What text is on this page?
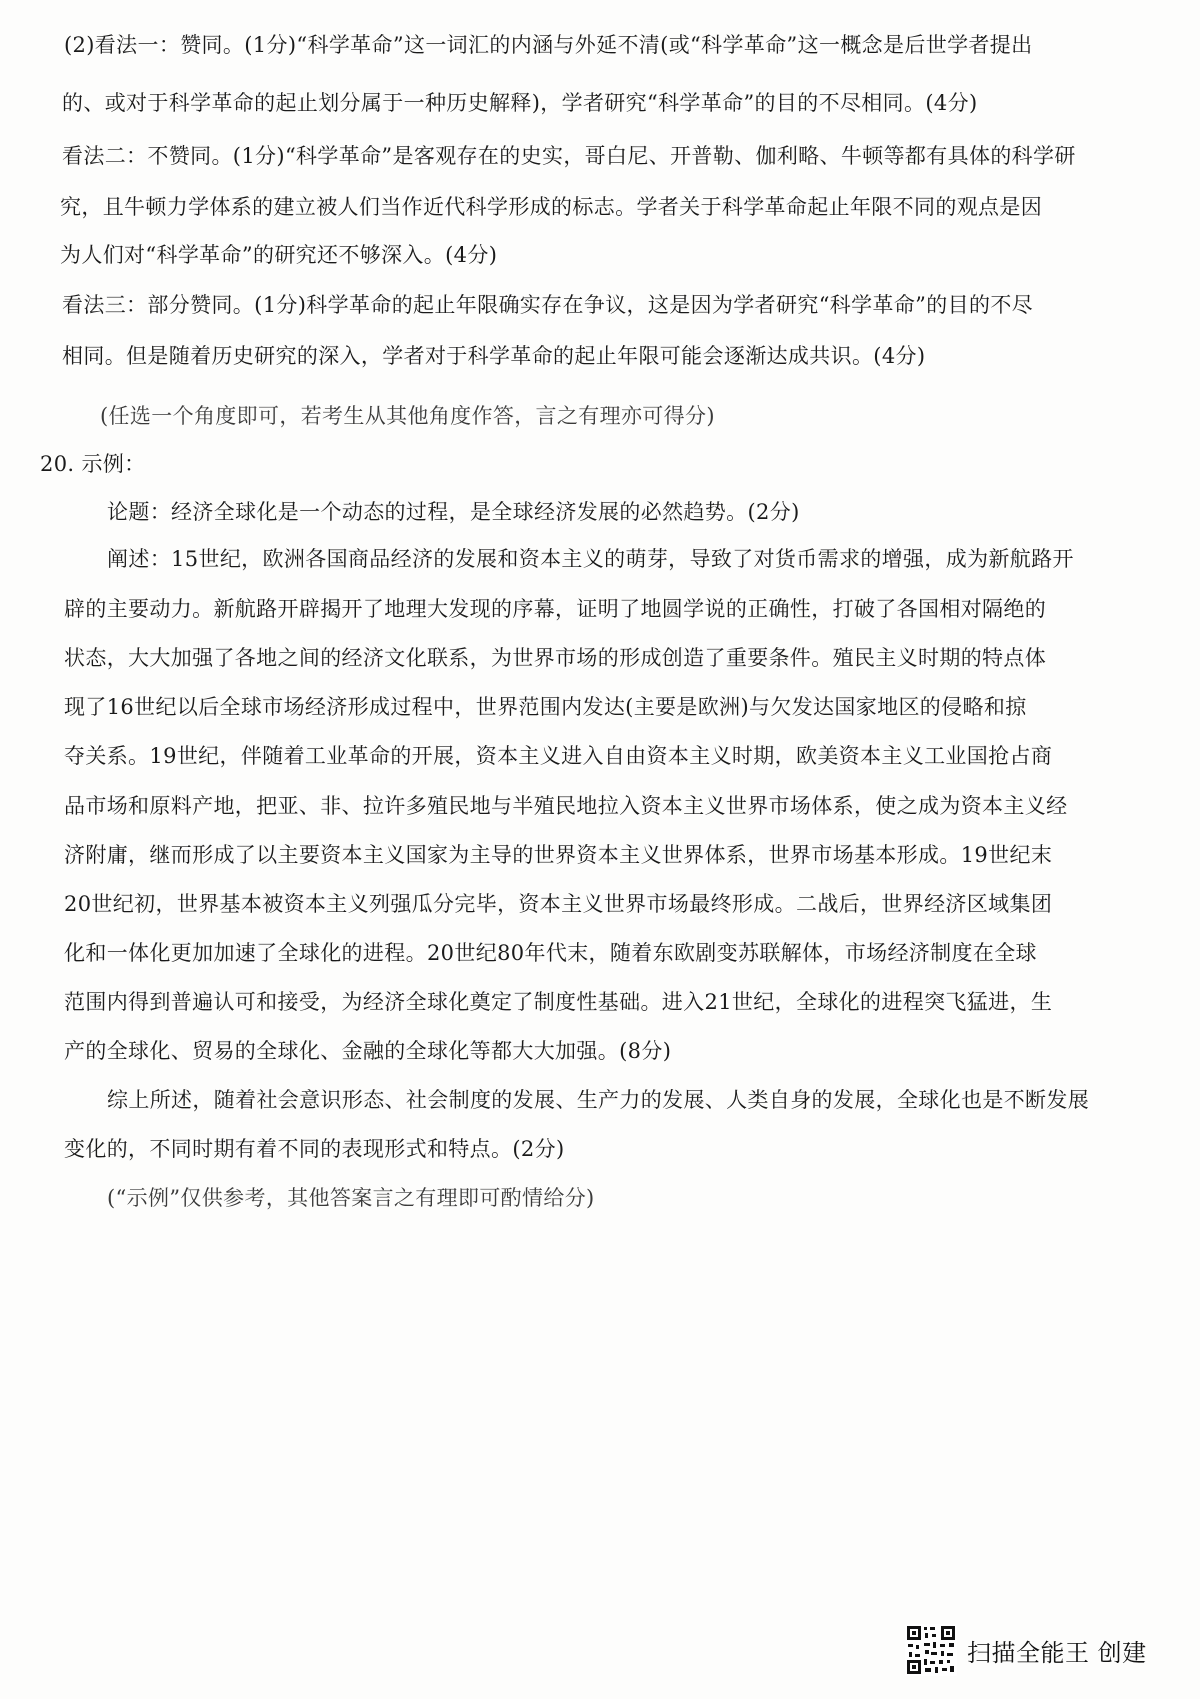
(2)看法一：赞同。(1分)“科学革命”这一词汇的内涵与外延不清(或“科学革命”这一概念是后世学者提出
的、或对于科学革命的起止划分属于一种历史解释)，学者研究“科学革命”的目的不尽相同。(4分)
看法二：不赞同。(1分)“科学革命”是客观存在的史实，哥白尼、开普勒、伽利略、牛顿等都有具体的科学研
究，且牛顿力学体系的建立被人们当作近代科学形成的标志。学者关于科学革命起止年限不同的观点是因
为人们对“科学革命”的研究还不够深入。(4分)
看法三：部分赞同。(1分)科学革命的起止年限确实存在争议，这是因为学者研究“科学革命”的目的不尽
相同。但是随着历史研究的深入，学者对于科学革命的起止年限可能会逐渐达成共识。(4分)
(任选一个角度即可，若考生从其他角度作答，言之有理亦可得分)
20. 示例：
论题：经济全球化是一个动态的过程，是全球经济发展的必然趋势。(2分)
阐述：15世纪，欧洲各国商品经济的发展和资本主义的萌芽，导致了对货币需求的增强，成为新航路开
辟的主要动力。新航路开辟揭开了地理大发现的序幕，证明了地圆学说的正确性，打破了各国相对隔绝的
状态，大大加强了各地之间的经济文化联系，为世界市场的形成创造了重要条件。殖民主义时期的特点体
现了16世纪以后全球市场经济形成过程中，世界范围内发达(主要是欧洲)与欠发达国家地区的侵略和掠
夺关系。19世纪，伴随着工业革命的开展，资本主义进入自由资本主义时期，欧美资本主义工业国抢占商
品市场和原料产地，把亚、非、拉许多殖民地与半殖民地拉入资本主义世界市场体系，使之成为资本主义经
济附庸，继而形成了以主要资本主义国家为主导的世界资本主义世界体系，世界市场基本形成。19世纪末
20世纪初，世界基本被资本主义列强瓜分完毕，资本主义世界市场最终形成。二战后，世界经济区域集团
化和一体化更加加速了全球化的进程。20世纪80年代末，随着东欧剧变苏联解体，市场经济制度在全球
范围内得到普遍认可和接受，为经济全球化奠定了制度性基础。进入21世纪，全球化的进程突飞猛进，生
产的全球化、贸易的全球化、金融的全球化等都大大加强。(8分)
综上所述，随着社会意识形态、社会制度的发展、生产力的发展、人类自身的发展，全球化也是不断发展
变化的，不同时期有着不同的表现形式和特点。(2分)
(“示例”仅供参考，其他答案言之有理即可酌情给分)
扫描全能王 创建
